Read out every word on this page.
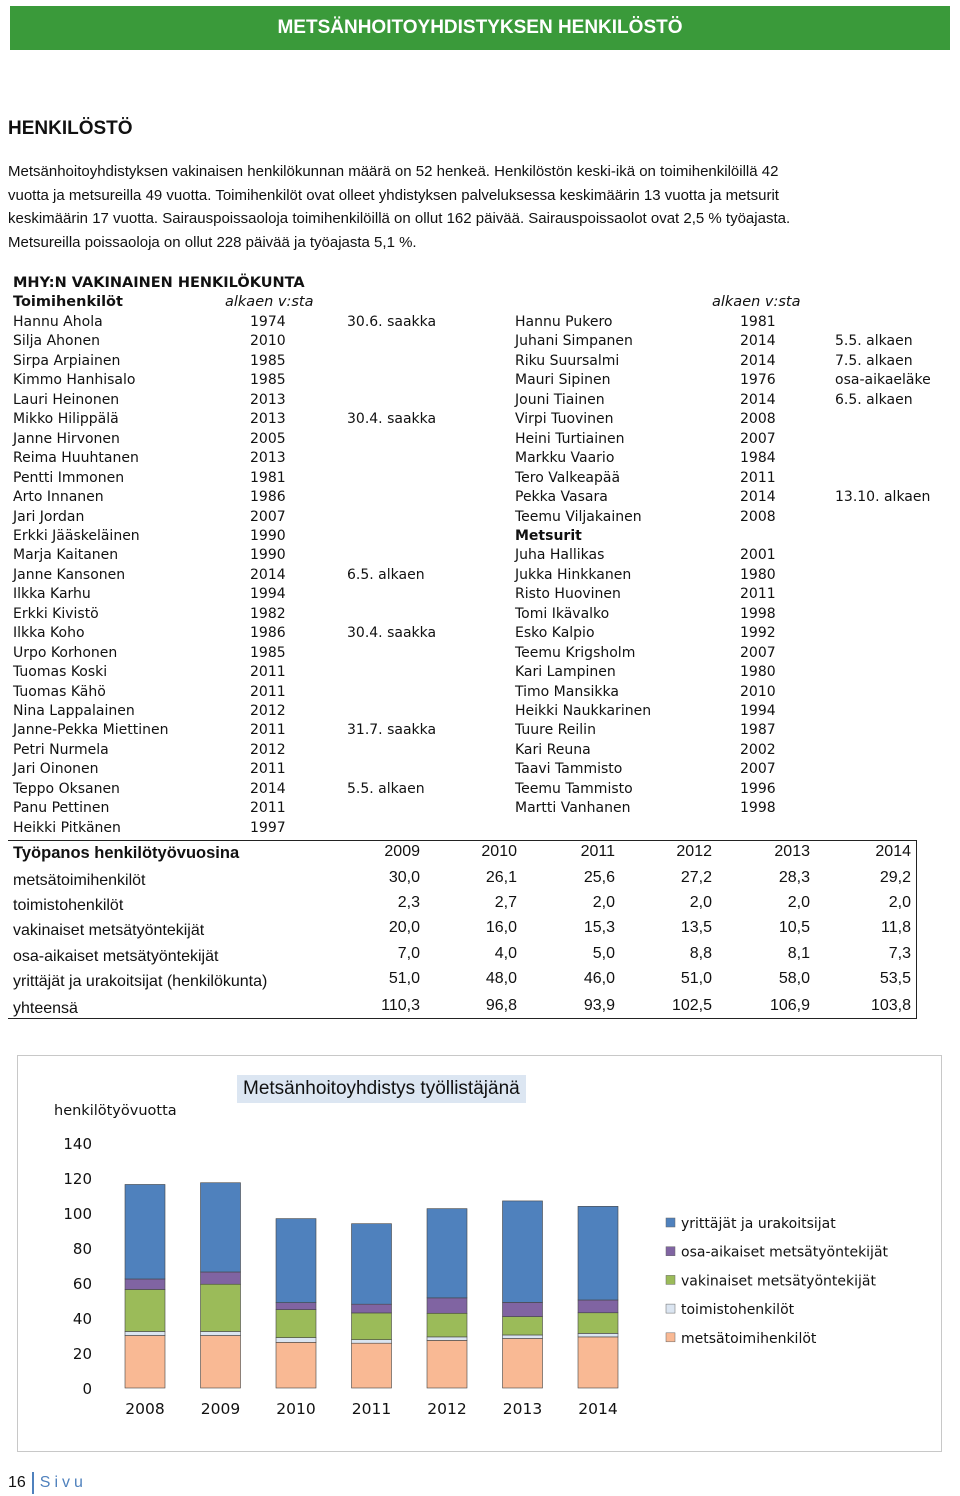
METSÄNHOITOYHDISTYKSEN HENKILÖSTÖ
HENKILÖSTÖ
Metsänhoitoyhdistyksen vakinaisen henkilökunnan määrä on 52 henkeä. Henkilöstön keski-ikä on toimihenkilöillä 42
vuotta ja metsureilla 49 vuotta. Toimihenkilöt ovat olleet yhdistyksen palveluksessa keskimäärin 13 vuotta ja metsurit
keskimäärin 17 vuotta. Sairauspoissaoloja toimihenkilöillä on ollut 162 päivää. Sairauspoissaolot ovat 2,5 % työajasta.
Metsureilla poissaoloja on ollut 228 päivää ja työajasta 5,1 %.
MHY:N VAKINAINEN HENKILÖKUNTA
Toimihenkilöt	alkaen v:sta	alkaen v:sta
Hannu Ahola	1974	30.6. saakka
Silja Ahonen	2010
Sirpa Arpiainen	1985
Kimmo Hanhisalo	1985
Lauri Heinonen	2013
Mikko Hilippälä	2013	30.4. saakka
Janne Hirvonen	2005
Reima Huuhtanen	2013
Pentti Immonen	1981
Arto Innanen	1986
Jari Jordan	2007
Erkki Jääskeläinen	1990
Marja Kaitanen	1990
Janne Kansonen	2014	6.5. alkaen
Ilkka Karhu	1994
Erkki Kivistö	1982
Ilkka Koho	1986	30.4. saakka
Urpo Korhonen	1985
Tuomas Koski	2011
Tuomas Kähö	2011
Nina Lappalainen	2012
Janne-Pekka Miettinen	2011	31.7. saakka
Petri Nurmela	2012
Jari Oinonen	2011
Teppo Oksanen	2014	5.5. alkaen
Panu Pettinen	2011
Heikki Pitkänen	1997
Hannu Pukero	1981
Juhani Simpanen	2014	5.5. alkaen
Riku Suursalmi	2014	7.5. alkaen
Mauri Sipinen	1976	osa-aikaeläke
Jouni Tiainen	2014	6.5. alkaen
Virpi Tuovinen	2008
Heini Turtiainen	2007
Markku Vaario	1984
Tero Valkeapää	2011
Pekka Vasara	2014	13.10. alkaen
Teemu Viljakainen	2008
Metsurit
Juha Hallikas	2001
Jukka Hinkkanen	1980
Risto Huovinen	2011
Tomi Ikävalko	1998
Esko Kalpio	1992
Teemu Krigsholm	2007
Kari Lampinen	1980
Timo Mansikka	2010
Heikki Naukkarinen	1994
Tuure Reilin	1987
Kari Reuna	2002
Taavi Tammisto	2007
Teemu Tammisto	1996
Martti Vanhanen	1998
Työpanos henkilötyövuosina	2009	2010	2011	2012	2013	2014
metsätoimihenkilöt	30,0	26,1	25,6	27,2	28,3	29,2
toimistohenkilöt	2,3	2,7	2,0	2,0	2,0	2,0
vakinaiset metsätyöntekijät	20,0	16,0	15,3	13,5	10,5	11,8
osa-aikaiset metsätyöntekijät	7,0	4,0	5,0	8,8	8,1	7,3
yrittäjät ja urakoitsijat (henkilökunta)	51,0	48,0	46,0	51,0	58,0	53,5
yhteensä	110,3	96,8	93,9	102,5	106,9	103,8
Metsänhoitoyhdistys työllistäjänä
henkilötyövuotta
0
20
40
60
80
100
120
140
2008 2009 2010 2011 2012 2013 2014
yrittäjät ja urakoitsijat
osa-aikaiset metsätyöntekijät
vakinaiset metsätyöntekijät
toimistohenkilöt
metsätoimihenkilöt
16 Sivu
